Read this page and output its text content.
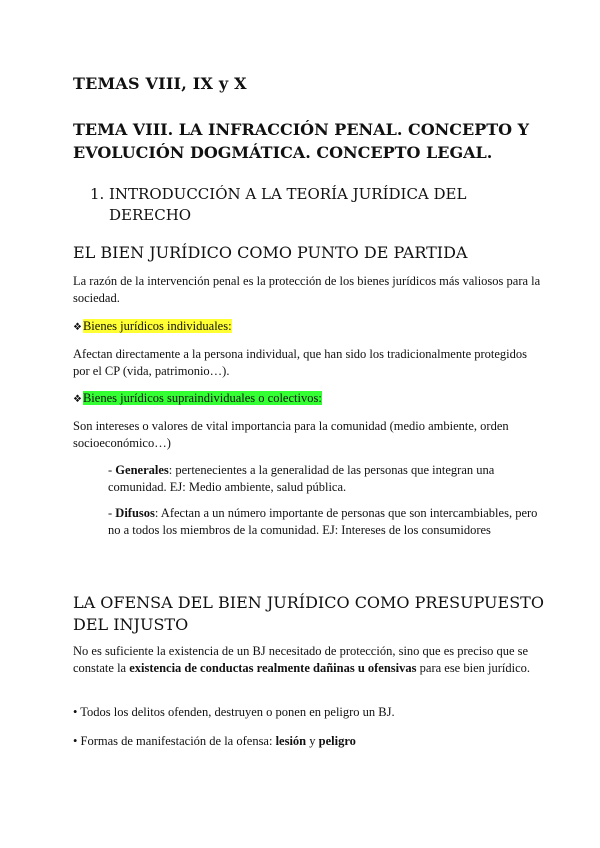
TEMAS VIII, IX y X
TEMA VIII. LA INFRACCIÓN PENAL. CONCEPTO Y EVOLUCIÓN DOGMÁTICA. CONCEPTO LEGAL.
1. INTRODUCCIÓN A LA TEORÍA JURÍDICA DEL DERECHO
EL BIEN JURÍDICO COMO PUNTO DE PARTIDA
La razón de la intervención penal es la protección de los bienes jurídicos más valiosos para la sociedad.
❖Bienes jurídicos individuales:
Afectan directamente a la persona individual, que han sido los tradicionalmente protegidos por el CP (vida, patrimonio…).
❖Bienes jurídicos supraindividuales o colectivos:
Son intereses o valores de vital importancia para la comunidad (medio ambiente, orden socioeconómico…)
- Generales: pertenecientes a la generalidad de las personas que integran una comunidad. EJ: Medio ambiente, salud pública.
- Difusos: Afectan a un número importante de personas que son intercambiables, pero no a todos los miembros de la comunidad. EJ: Intereses de los consumidores
LA OFENSA DEL BIEN JURÍDICO COMO PRESUPUESTO DEL INJUSTO
No es suficiente la existencia de un BJ necesitado de protección, sino que es preciso que se constate la existencia de conductas realmente dañinas u ofensivas para ese bien jurídico.
• Todos los delitos ofenden, destruyen o ponen en peligro un BJ.
• Formas de manifestación de la ofensa: lesión y peligro
